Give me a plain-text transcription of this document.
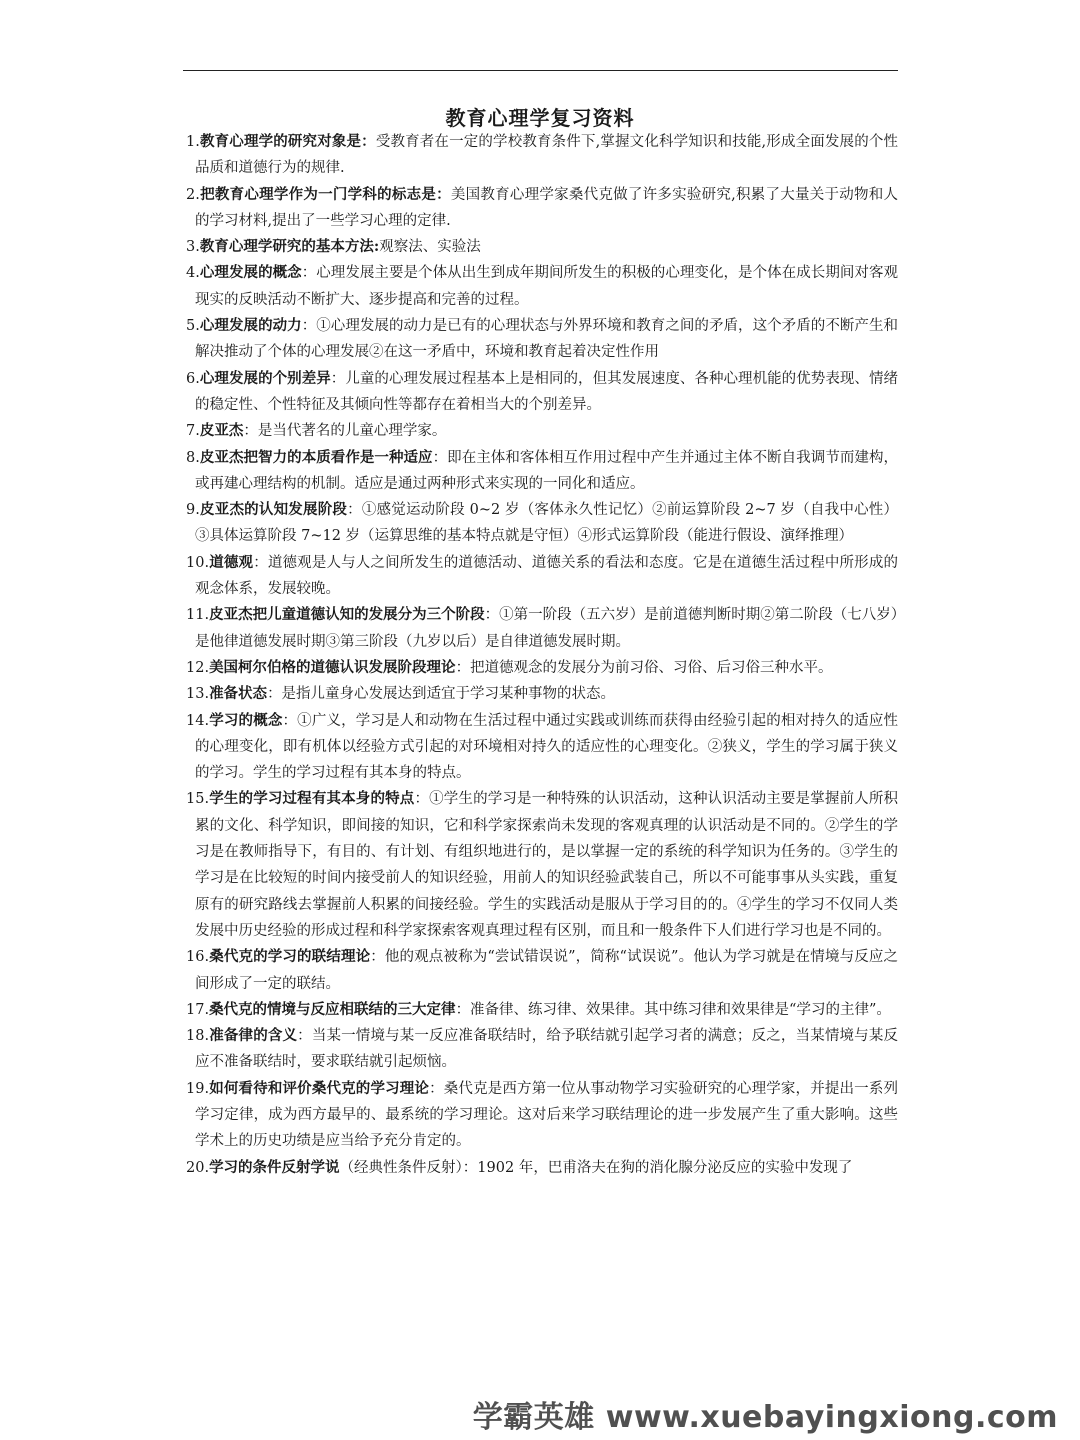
教育心理学复习资料
1.教育心理学的研究对象是：受教育者在一定的学校教育条件下,掌握文化科学知识和技能,形成全面发展的个性品质和道德行为的规律.
2.把教育心理学作为一门学科的标志是：美国教育心理学家桑代克做了许多实验研究,积累了大量关于动物和人的学习材料,提出了一些学习心理的定律.
3.教育心理学研究的基本方法:观察法、实验法
4.心理发展的概念：心理发展主要是个体从出生到成年期间所发生的积极的心理变化，是个体在成长期间对客观现实的反映活动不断扩大、逐步提高和完善的过程。
5.心理发展的动力：①心理发展的动力是已有的心理状态与外界环境和教育之间的矛盾，这个矛盾的不断产生和解决推动了个体的心理发展②在这一矛盾中，环境和教育起着决定性作用
6.心理发展的个别差异：儿童的心理发展过程基本上是相同的，但其发展速度、各种心理机能的优势表现、情绪的稳定性、个性特征及其倾向性等都存在着相当大的个别差异。
7.皮亚杰：是当代著名的儿童心理学家。
8.皮亚杰把智力的本质看作是一种适应：即在主体和客体相互作用过程中产生并通过主体不断自我调节而建构，或再建心理结构的机制。适应是通过两种形式来实现的一同化和适应。
9.皮亚杰的认知发展阶段：①感觉运动阶段 0~2 岁（客体永久性记忆）②前运算阶段 2~7 岁（自我中心性）③具体运算阶段 7~12 岁（运算思维的基本特点就是守恒）④形式运算阶段（能进行假设、演绎推理）
10.道德观：道德观是人与人之间所发生的道德活动、道德关系的看法和态度。它是在道德生活过程中所形成的观念体系，发展较晚。
11.皮亚杰把儿童道德认知的发展分为三个阶段：①第一阶段（五六岁）是前道德判断时期②第二阶段（七八岁）是他律道德发展时期③第三阶段（九岁以后）是自律道德发展时期。
12.美国柯尔伯格的道德认识发展阶段理论：把道德观念的发展分为前习俗、习俗、后习俗三种水平。
13.准备状态：是指儿童身心发展达到适宜于学习某种事物的状态。
14.学习的概念：①广义，学习是人和动物在生活过程中通过实践或训练而获得由经验引起的相对持久的适应性的心理变化，即有机体以经验方式引起的对环境相对持久的适应性的心理变化。②狭义，学生的学习属于狭义的学习。学生的学习过程有其本身的特点。
15.学生的学习过程有其本身的特点：①学生的学习是一种特殊的认识活动，这种认识活动主要是掌握前人所积累的文化、科学知识，即间接的知识，它和科学家探索尚未发现的客观真理的认识活动是不同的。②学生的学习是在教师指导下，有目的、有计划、有组织地进行的，是以掌握一定的系统的科学知识为任务的。③学生的学习是在比较短的时间内接受前人的知识经验，用前人的知识经验武装自己，所以不可能事事从头实践，重复原有的研究路线去掌握前人积累的间接经验。学生的实践活动是服从于学习目的的。④学生的学习不仅同人类发展中历史经验的形成过程和科学家探索客观真理过程有区别，而且和一般条件下人们进行学习也是不同的。
16.桑代克的学习的联结理论：他的观点被称为“尝试错误说”，简称“试误说”。他认为学习就是在情境与反应之间形成了一定的联结。
17.桑代克的情境与反应相联结的三大定律：准备律、练习律、效果律。其中练习律和效果律是“学习的主律”。
18.准备律的含义：当某一情境与某一反应准备联结时，给予联结就引起学习者的满意；反之，当某情境与某反应不准备联结时，要求联结就引起烦恼。
19.如何看待和评价桑代克的学习理论：桑代克是西方第一位从事动物学习实验研究的心理学家，并提出一系列学习定律，成为西方最早的、最系统的学习理论。这对后来学习联结理论的进一步发展产生了重大影响。这些学术上的历史功绩是应当给予充分肯定的。
20.学习的条件反射学说（经典性条件反射）：1902 年，巴甫洛夫在狗的消化腺分泌反应的实验中发现了
学霸英雄 www.xuebayingxiong.com
